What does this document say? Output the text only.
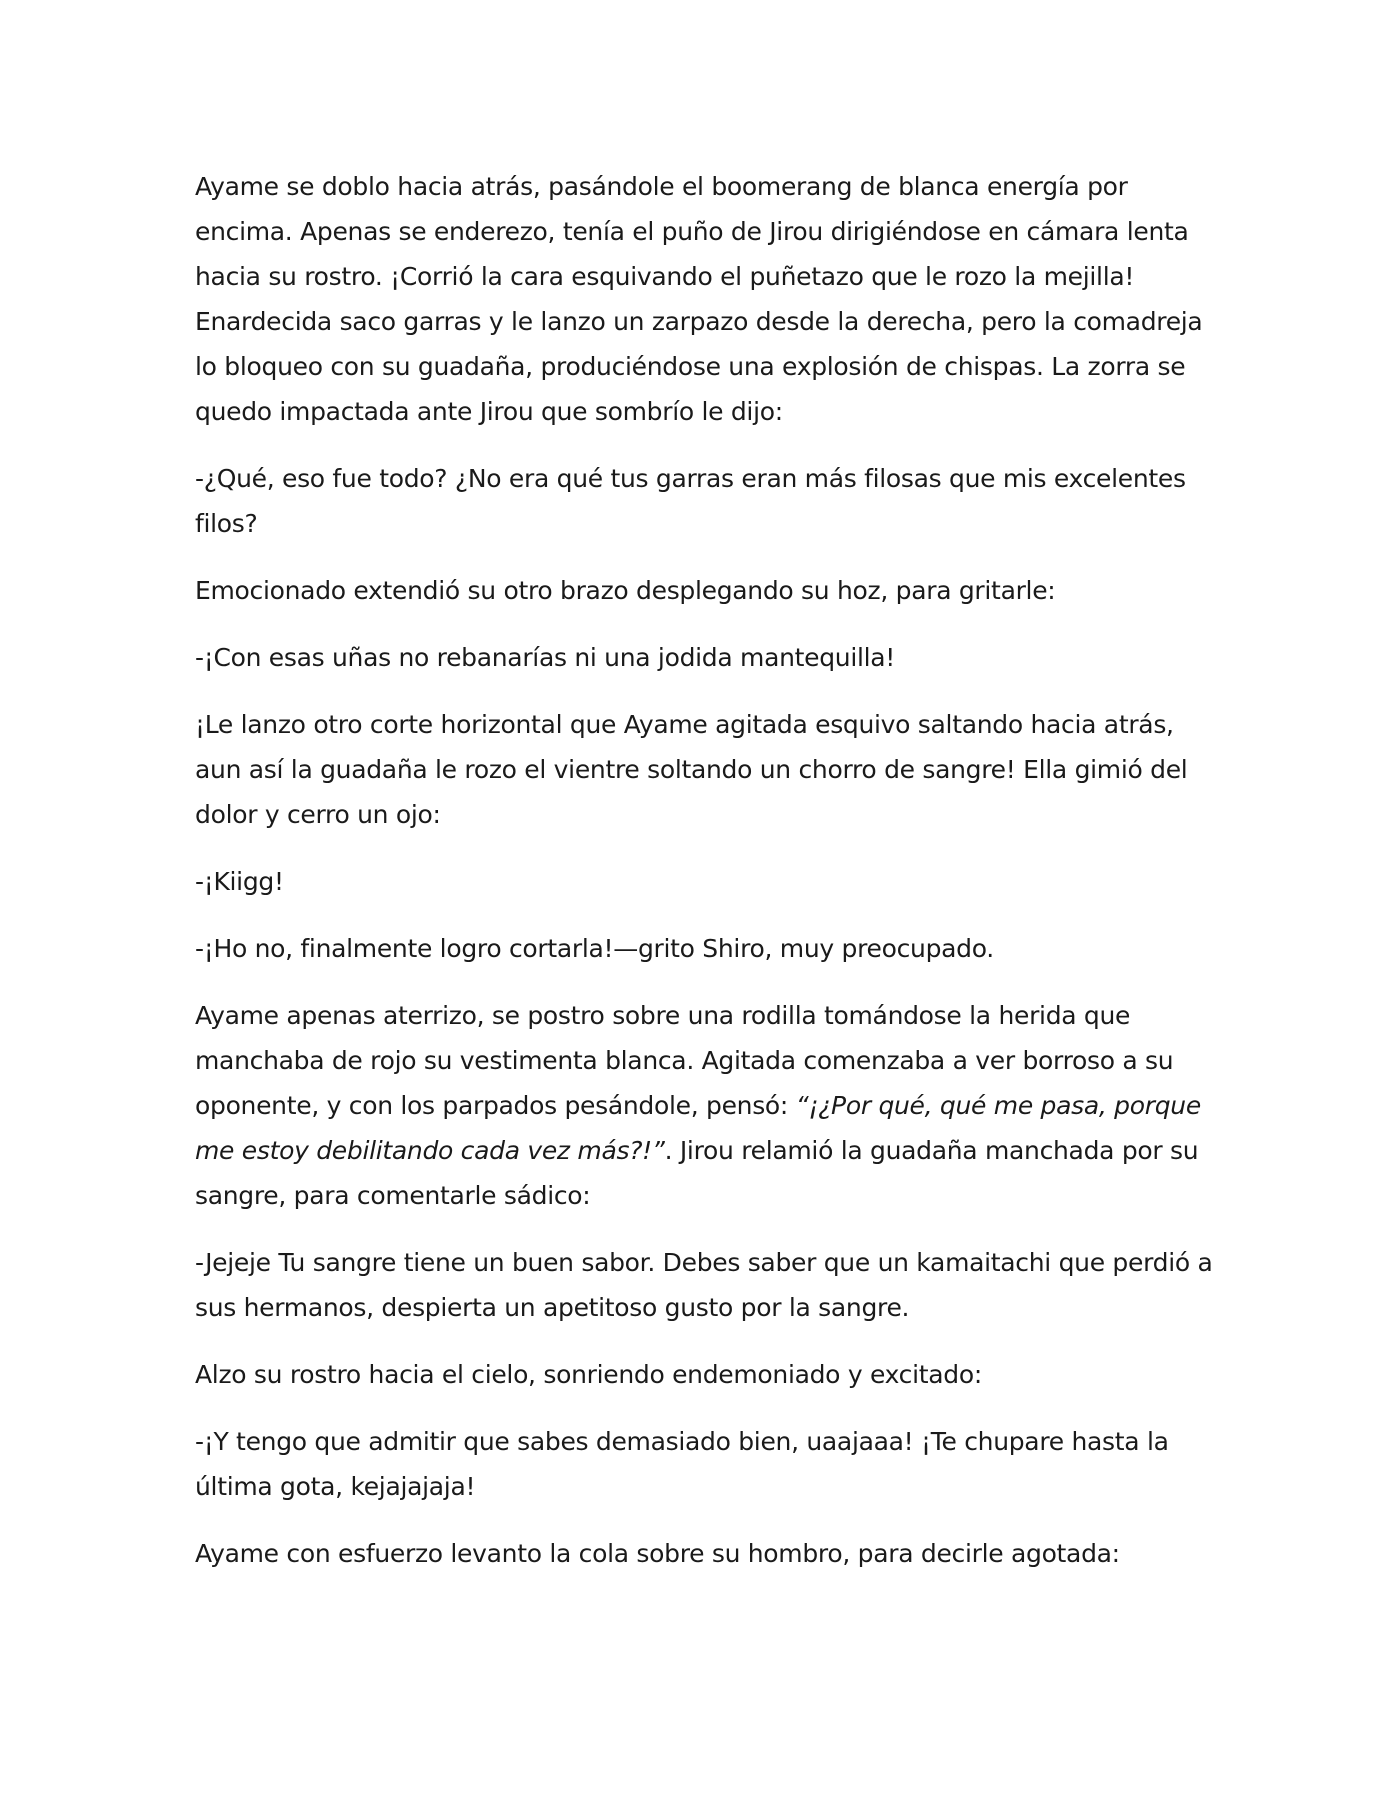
Ayame se doblo hacia atrás, pasándole el boomerang de blanca energía por encima. Apenas se enderezo, tenía el puño de Jirou dirigiéndose en cámara lenta hacia su rostro. ¡Corrió la cara esquivando el puñetazo que le rozo la mejilla! Enardecida saco garras y le lanzo un zarpazo desde la derecha, pero la comadreja lo bloqueo con su guadaña, produciéndose una explosión de chispas. La zorra se quedo impactada ante Jirou que sombrío le dijo:

-¿Qué, eso fue todo? ¿No era qué tus garras eran más filosas que mis excelentes filos?

Emocionado extendió su otro brazo desplegando su hoz, para gritarle:

-¡Con esas uñas no rebanarías ni una jodida mantequilla!

¡Le lanzo otro corte horizontal que Ayame agitada esquivo saltando hacia atrás, aun así la guadaña le rozo el vientre soltando un chorro de sangre! Ella gimió del dolor y cerro un ojo:

-¡Kiigg!

-¡Ho no, finalmente logro cortarla!—grito Shiro, muy preocupado.

Ayame apenas aterrizo, se postro sobre una rodilla tomándose la herida que manchaba de rojo su vestimenta blanca. Agitada comenzaba a ver borroso a su oponente, y con los parpados pesándole, pensó: “¡¿Por qué, qué me pasa, porque me estoy debilitando cada vez más?!”. Jirou relamió la guadaña manchada por su sangre, para comentarle sádico:

-Jejeje Tu sangre tiene un buen sabor. Debes saber que un kamaitachi que perdió a sus hermanos, despierta un apetitoso gusto por la sangre.

Alzo su rostro hacia el cielo, sonriendo endemoniado y excitado:

-¡Y tengo que admitir que sabes demasiado bien, uaajaaa! ¡Te chupare hasta la última gota, kejajajaja!

Ayame con esfuerzo levanto la cola sobre su hombro, para decirle agotada:
